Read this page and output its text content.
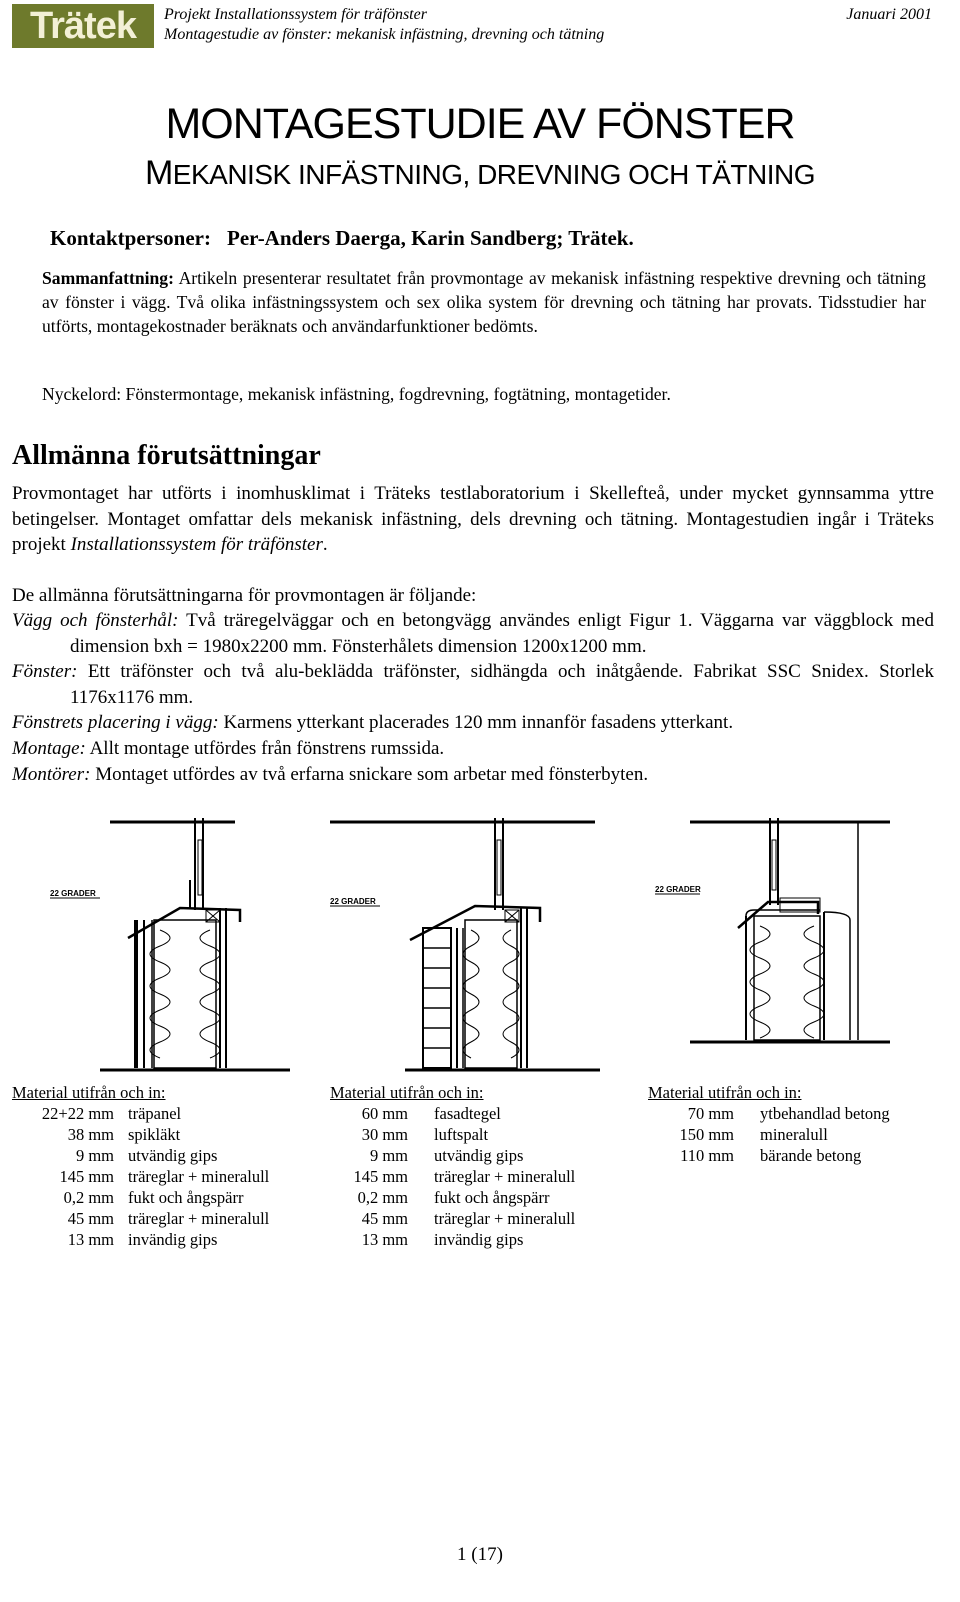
Trätek	Projekt Installationssystem för träfönster
Montagestudie av fönster: mekanisk infästning, drevning och tätning
Januari 2001
MONTAGESTUDIE AV FÖNSTER
MEKANISK INFÄSTNING, DREVNING OCH TÄTNING
Kontaktpersoner: Per-Anders Daerga, Karin Sandberg; Trätek.
Sammanfattning: Artikeln presenterar resultatet från provmontage av mekanisk infästning respektive drevning och tätning av fönster i vägg. Två olika infästningssystem och sex olika system för drevning och tätning har provats. Tidsstudier har utförts, montagekostnader beräknats och användarfunktioner bedömts.
Nyckelord: Fönstermontage, mekanisk infästning, fogdrevning, fogtätning, montagetider.
Allmänna förutsättningar
Provmontaget har utförts i inomhusklimat i Träteks testlaboratorium i Skellefteå, under mycket gynnsamma yttre betingelser. Montaget omfattar dels mekanisk infästning, dels drevning och tätning. Montagestudien ingår i Träteks projekt Installationssystem för träfönster.
De allmänna förutsättningarna för provmontagen är följande:

Vägg och fönsterhål: Två träregelväggar och en betongvägg användes enligt Figur 1. Väggarna var väggblock med dimension bxh = 1980x2200 mm. Fönsterhålets dimension 1200x1200 mm.

Fönster: Ett träfönster och två alu-beklädda träfönster, sidhängda och inåtgående. Fabrikat SSC Snidex. Storlek 1176x1176 mm.

Fönstrets placering i vägg: Karmens ytterkant placerades 120 mm innanför fasadens ytterkant.

Montage: Allt montage utfördes från fönstrens rumssida.

Montörer: Montaget utfördes av två erfarna snickare som arbetar med fönsterbyten.

22 GRADER
22 GRADER
22 GRADER
Material utifrån och in:
22+22 mm träpanel
38 mm spikläkt
9 mm utvändig gips
145 mm träreglar + mineralull
0,2 mm fukt och ångspärr
45 mm träreglar + mineralull
13 mm invändig gips
Material utifrån och in:
60 mm fasadtegel
30 mm luftspalt
9 mm utvändig gips
145 mm träreglar + mineralull
0,2 mm fukt och ångspärr
45 mm träreglar + mineralull
13 mm invändig gips
Material utifrån och in:
70 mm ytbehandlad betong
150 mm mineralull
110 mm bärande betong
1 (17)
